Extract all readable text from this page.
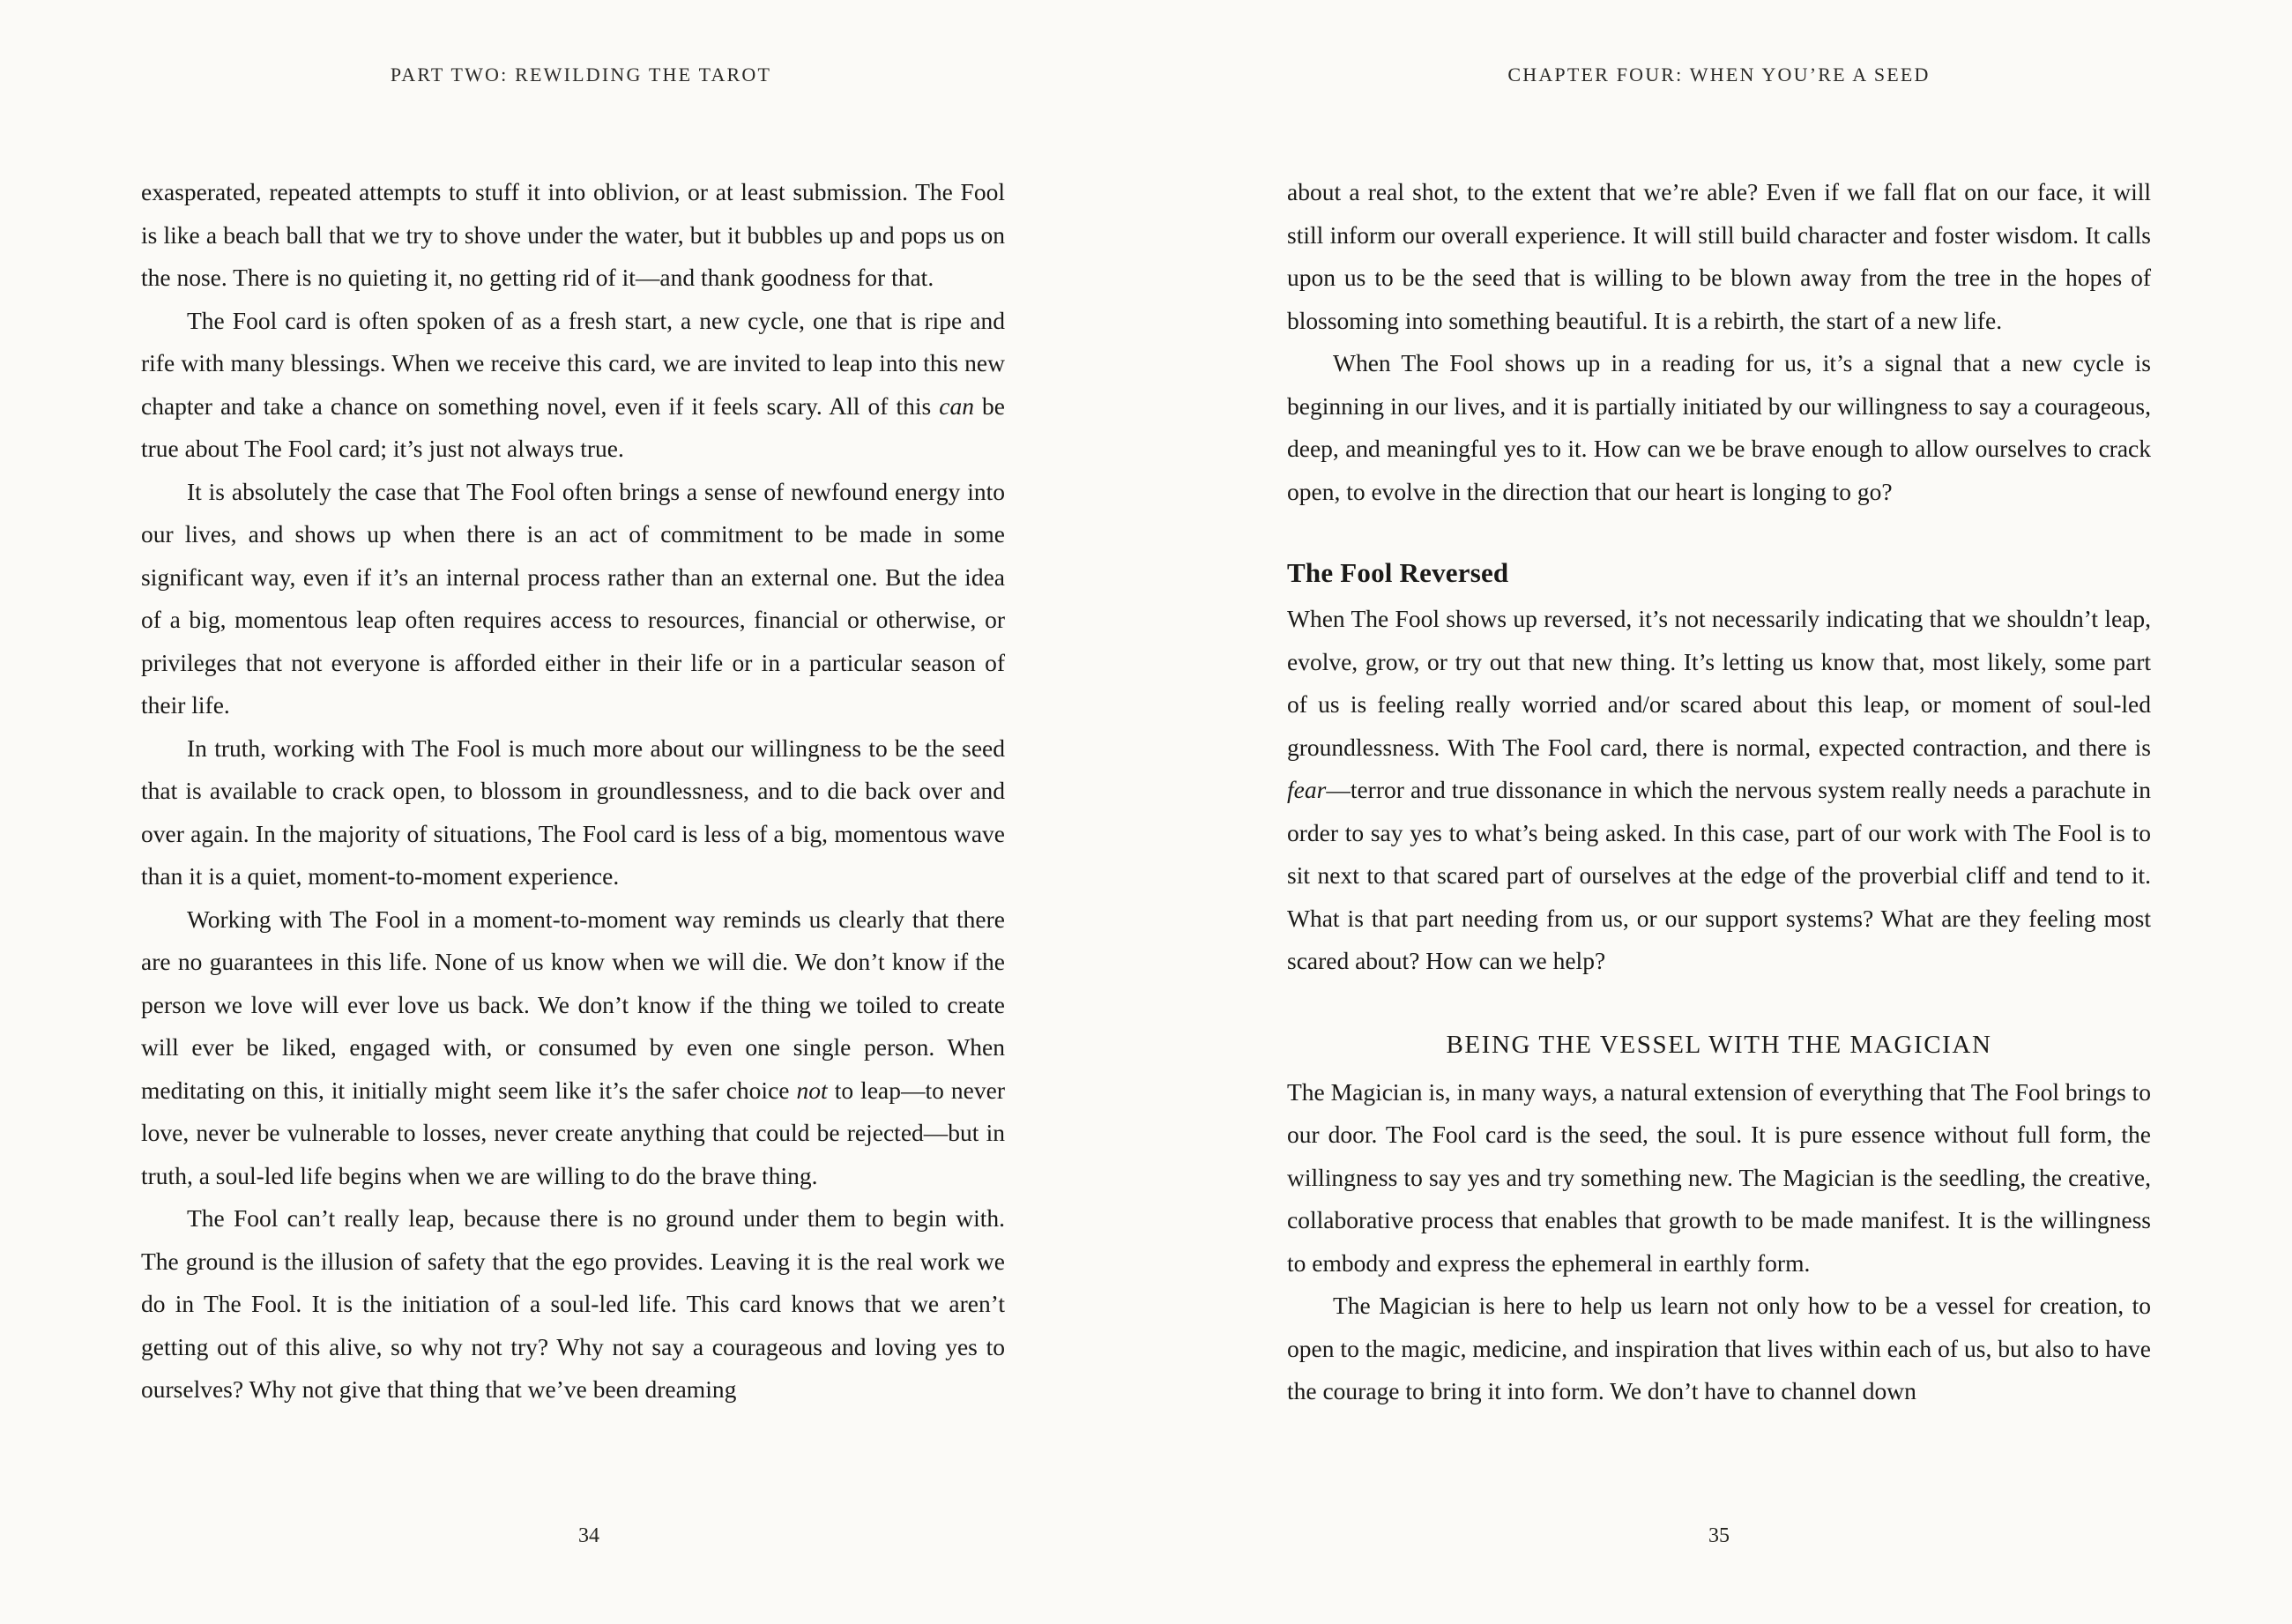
PART TWO: REWILDING THE TAROT

exasperated, repeated attempts to stuff it into oblivion, or at least submission. The Fool is like a beach ball that we try to shove under the water, but it bubbles up and pops us on the nose. There is no quieting it, no getting rid of it—and thank goodness for that.

The Fool card is often spoken of as a fresh start, a new cycle, one that is ripe and rife with many blessings. When we receive this card, we are invited to leap into this new chapter and take a chance on something novel, even if it feels scary. All of this can be true about The Fool card; it’s just not always true.

It is absolutely the case that The Fool often brings a sense of newfound energy into our lives, and shows up when there is an act of commitment to be made in some significant way, even if it’s an internal process rather than an external one. But the idea of a big, momentous leap often requires access to resources, financial or otherwise, or privileges that not everyone is afforded either in their life or in a particular season of their life.

In truth, working with The Fool is much more about our willingness to be the seed that is available to crack open, to blossom in groundlessness, and to die back over and over again. In the majority of situations, The Fool card is less of a big, momentous wave than it is a quiet, moment-to-moment experience.

Working with The Fool in a moment-to-moment way reminds us clearly that there are no guarantees in this life. None of us know when we will die. We don’t know if the person we love will ever love us back. We don’t know if the thing we toiled to create will ever be liked, engaged with, or consumed by even one single person. When meditating on this, it initially might seem like it’s the safer choice not to leap—to never love, never be vulnerable to losses, never create anything that could be rejected—but in truth, a soul-led life begins when we are willing to do the brave thing.

The Fool can’t really leap, because there is no ground under them to begin with. The ground is the illusion of safety that the ego provides. Leaving it is the real work we do in The Fool. It is the initiation of a soul-led life. This card knows that we aren’t getting out of this alive, so why not try? Why not say a courageous and loving yes to ourselves? Why not give that thing that we’ve been dreaming

34
CHAPTER FOUR: WHEN YOU’RE A SEED

about a real shot, to the extent that we’re able? Even if we fall flat on our face, it will still inform our overall experience. It will still build character and foster wisdom. It calls upon us to be the seed that is willing to be blown away from the tree in the hopes of blossoming into something beautiful. It is a rebirth, the start of a new life.

When The Fool shows up in a reading for us, it’s a signal that a new cycle is beginning in our lives, and it is partially initiated by our willingness to say a courageous, deep, and meaningful yes to it. How can we be brave enough to allow ourselves to crack open, to evolve in the direction that our heart is longing to go?

The Fool Reversed

When The Fool shows up reversed, it’s not necessarily indicating that we shouldn’t leap, evolve, grow, or try out that new thing. It’s letting us know that, most likely, some part of us is feeling really worried and/or scared about this leap, or moment of soul-led groundlessness. With The Fool card, there is normal, expected contraction, and there is fear—terror and true dissonance in which the nervous system really needs a parachute in order to say yes to what’s being asked. In this case, part of our work with The Fool is to sit next to that scared part of ourselves at the edge of the proverbial cliff and tend to it. What is that part needing from us, or our support systems? What are they feeling most scared about? How can we help?

BEING THE VESSEL WITH THE MAGICIAN

The Magician is, in many ways, a natural extension of everything that The Fool brings to our door. The Fool card is the seed, the soul. It is pure essence without full form, the willingness to say yes and try something new. The Magician is the seedling, the creative, collaborative process that enables that growth to be made manifest. It is the willingness to embody and express the ephemeral in earthly form.

The Magician is here to help us learn not only how to be a vessel for creation, to open to the magic, medicine, and inspiration that lives within each of us, but also to have the courage to bring it into form. We don’t have to channel down

35
